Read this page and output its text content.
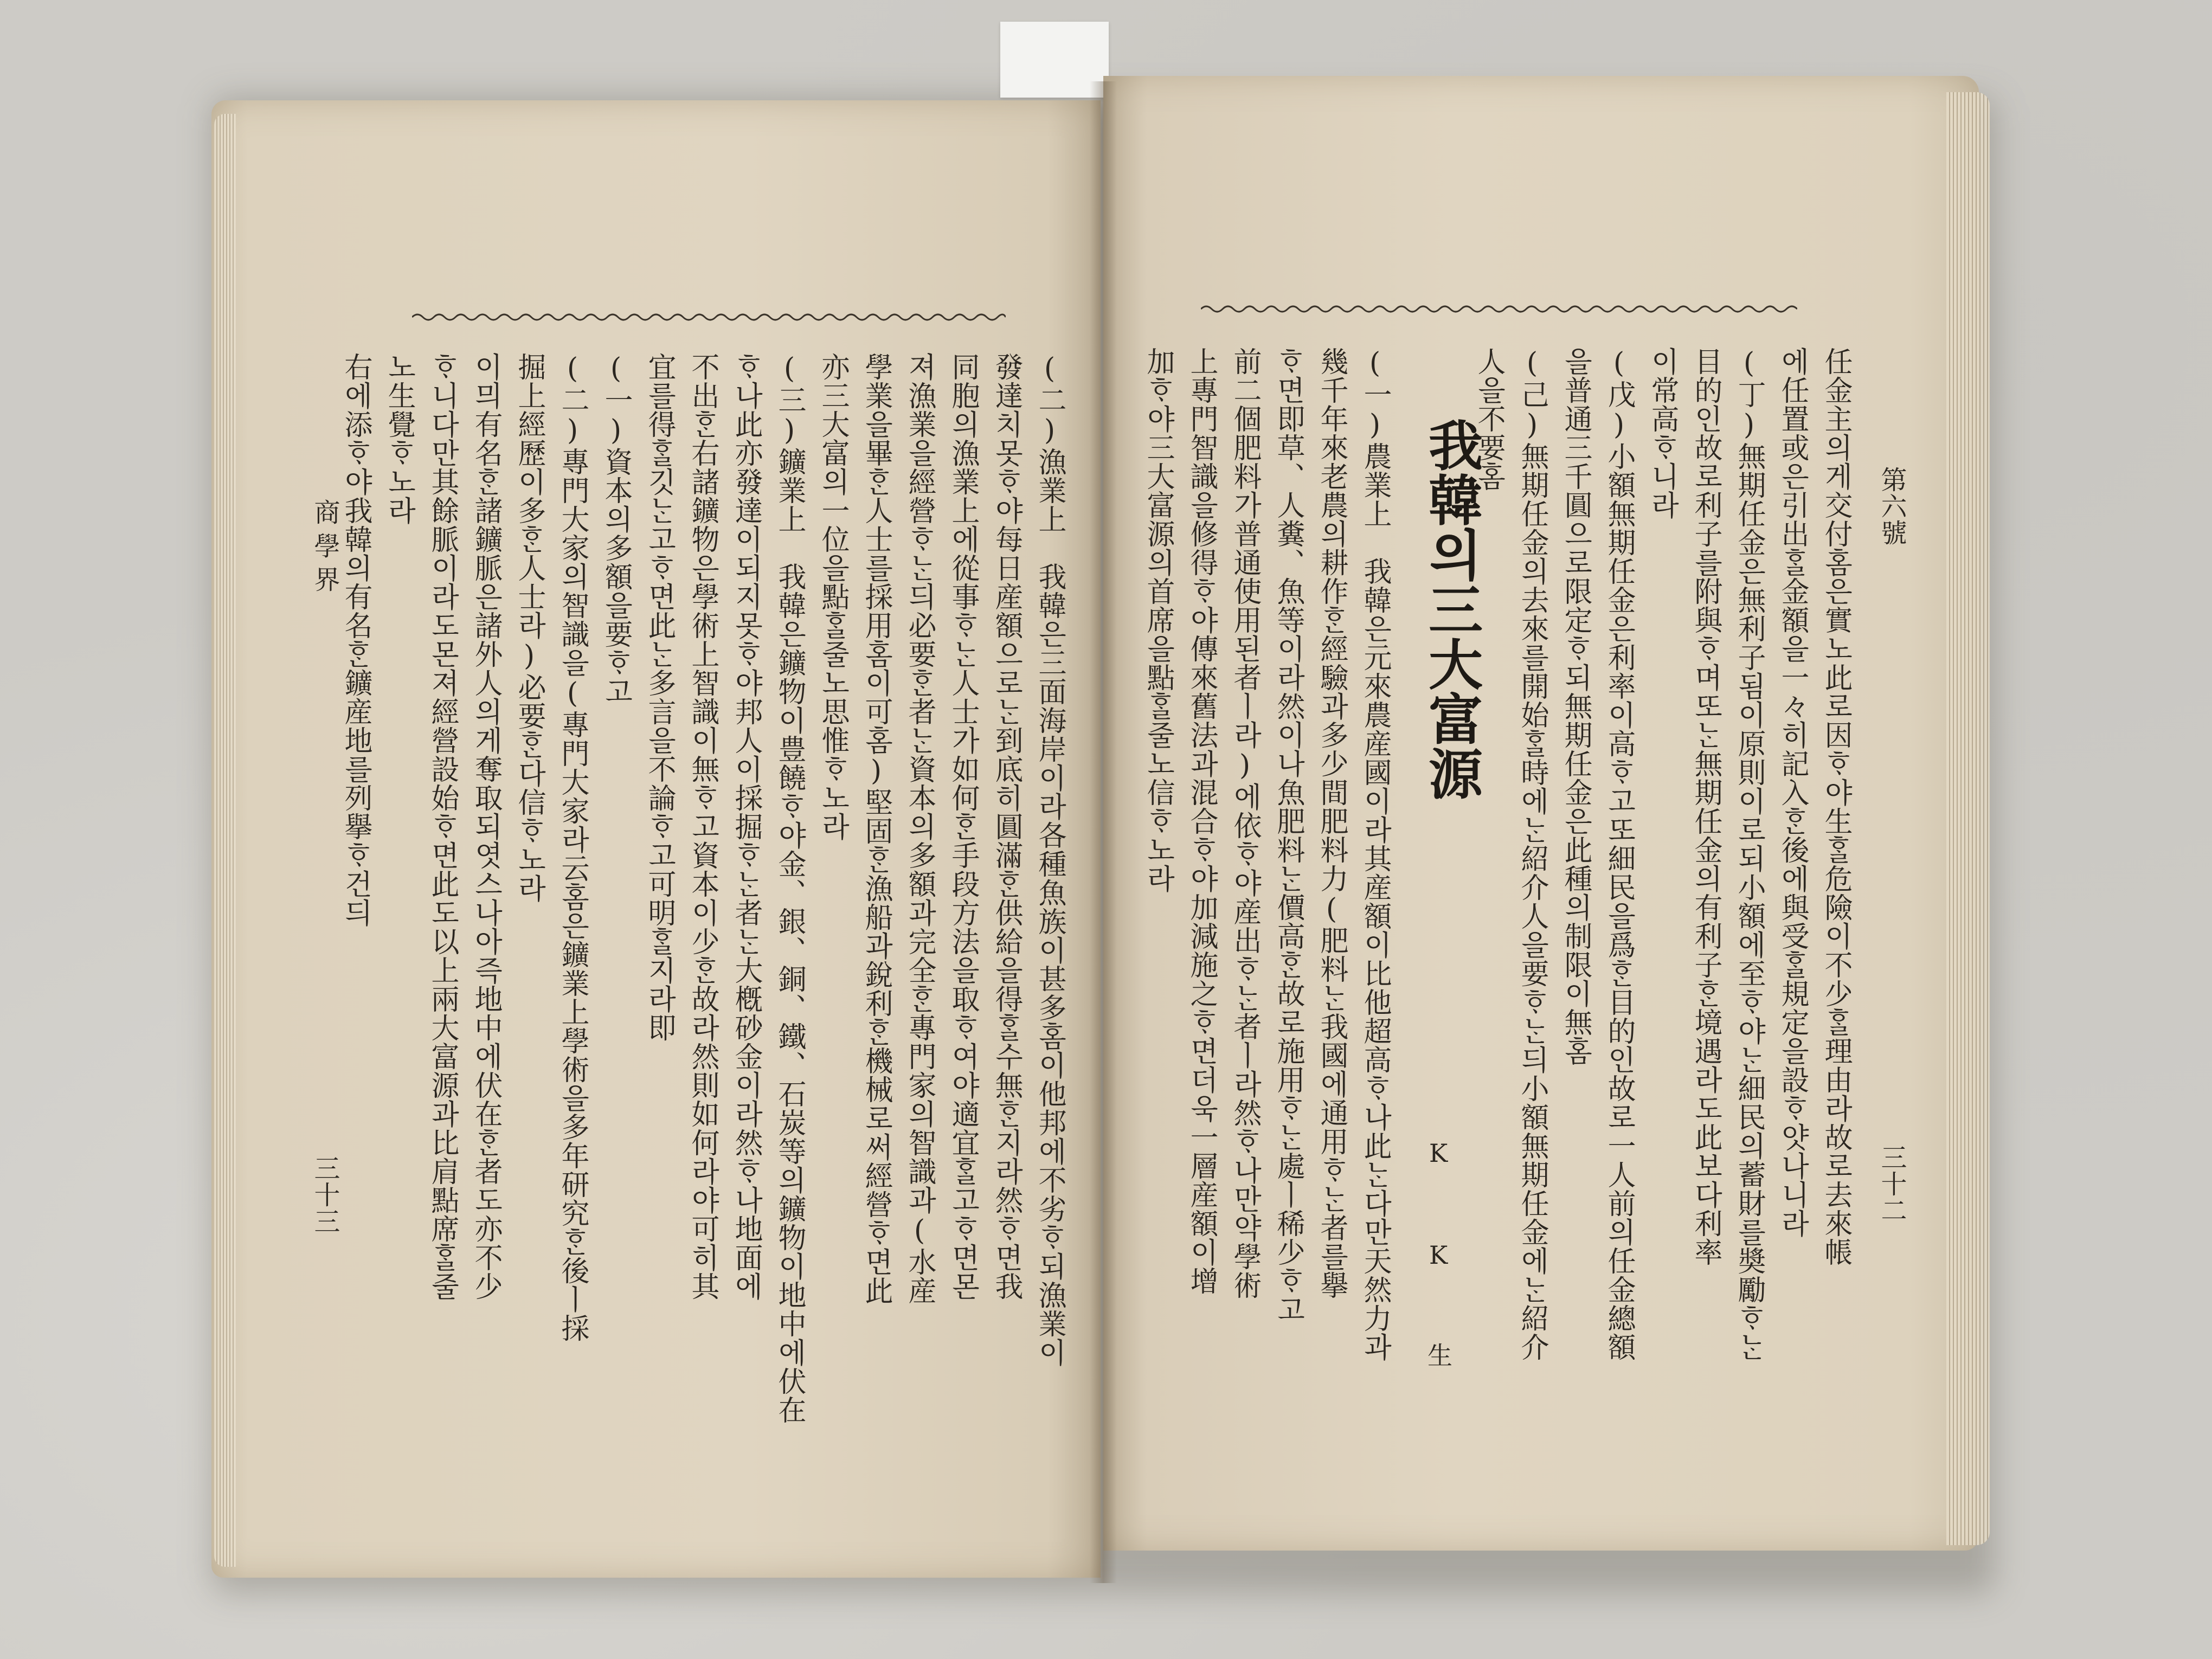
第六號
三十二
任金主의게交付홈은實노此로因ᄒᆞ야生ᄒᆞᆯ危險이不少ᄒᆞᆯ理由라故로去來帳
에任置或은引出ᄒᆞᆯ金額을一々히記入ᄒᆞᆫ後에與受ᄒᆞᆯ規定을設ᄒᆞ얏나니라
(丁)無期任金은無利子됨이原則이로되小額에至ᄒᆞ야ᄂᆞᆫ細民의蓄財를奬勵ᄒᆞᄂᆞᆫ
目的인故로利子를附與ᄒᆞ며또ᄂᆞᆫ無期任金의有利子ᄒᆞᆫ境遇라도此보다利率
이常高ᄒᆞ니라
(戊)小額無期任金은利率이高ᄒᆞ고또細民을爲ᄒᆞᆫ目的인故로一人前의任金總額
을普通三千圓으로限定ᄒᆞ되無期任金은此種의制限이無홈
(己)無期任金의去來를開始ᄒᆞᆯ時에ᄂᆞᆫ紹介人을要ᄒᆞᄂᆞᆫ듸小額無期任金에ᄂᆞᆫ紹介
人을不要홈
我韓의三大富源
K K 生
(一)農業上　我韓은元來農産國이라其産額이比他超高ᄒᆞ나此ᄂᆞᆫ다만天然力과
幾千年來老農의耕作ᄒᆞᆫ經驗과多少間肥料力(肥料ᄂᆞᆫ我國에通用ᄒᆞᄂᆞᆫ者를擧
ᄒᆞ면即草、人糞、魚等이라然이나魚肥料ᄂᆞᆫ價高ᄒᆞᆫ故로施用ᄒᆞᄂᆞᆫ處ㅣ稀少ᄒᆞ고
前二個肥料가普通使用된者ㅣ라)에依ᄒᆞ야産出ᄒᆞᄂᆞᆫ者ㅣ라然ᄒᆞ나만약學術
上專門智識을修得ᄒᆞ야傳來舊法과混合ᄒᆞ야加減施之ᄒᆞ면더욱一層産額이增
加ᄒᆞ야三大富源의首席을點ᄒᆞᆯ줄노信ᄒᆞ노라
(二)漁業上　我韓은三面海岸이라各種魚族이甚多홈이他邦에不劣ᄒᆞ되漁業이
發達치못ᄒᆞ야每日産額으로ᄂᆞᆫ到底히圓滿ᄒᆞᆫ供給을得ᄒᆞᆯ수無ᄒᆞᆫ지라然ᄒᆞ면我
同胞의漁業上에從事ᄒᆞᄂᆞᆫ人士가如何ᄒᆞᆫ手段方法을取ᄒᆞ여야適宜ᄒᆞᆯ고ᄒᆞ면몬
져漁業을經營ᄒᆞᄂᆞᆫ듸必要ᄒᆞᆫ者ᄂᆞᆫ資本의多額과完全ᄒᆞᆫ專門家의智識과(水産
學業을畢ᄒᆞᆫ人士를採用홈이可홈)堅固ᄒᆞᆫ漁船과銳利ᄒᆞᆫ機械로써經營ᄒᆞ면此
亦三大富의一位을點ᄒᆞᆯ줄노思惟ᄒᆞ노라
(三)鑛業上　我韓은鑛物이豊饒ᄒᆞ야金、銀、銅、鐵、石炭等의鑛物이地中에伏在
ᄒᆞ나此亦發達이되지못ᄒᆞ야邦人이採掘ᄒᆞᄂᆞᆫ者ᄂᆞᆫ大槪砂金이라然ᄒᆞ나地面에
不出ᄒᆞᆫ右諸鑛物은學術上智識이無ᄒᆞ고資本이少ᄒᆞᆫ故라然則如何라야可히其
宜를得ᄒᆞᆯ깃ᄂᆞᆫ고ᄒᆞ면此ᄂᆞᆫ多言을不論ᄒᆞ고可明ᄒᆞᆯ지라即
(一)資本의多額을要ᄒᆞ고
(二)專門大家의智識을(專門大家라云홈은鑛業上學術을多年研究ᄒᆞᆫ後ㅣ採
掘上經歷이多ᄒᆞᆫ人士라)必要ᄒᆞᆫ다信ᄒᆞ노라
이믜有名ᄒᆞᆫ諸鑛脈은諸外人의게奪取되엿스나아즉地中에伏在ᄒᆞᆫ者도亦不少
ᄒᆞ니다만其餘脈이라도몬져經營設始ᄒᆞ면此도以上兩大富源과比肩點席ᄒᆞᆯ줄
노生覺ᄒᆞ노라
右에添ᄒᆞ야我韓의有名ᄒᆞᆫ鑛産地를列擧ᄒᆞ건듸
商學界
三十三
